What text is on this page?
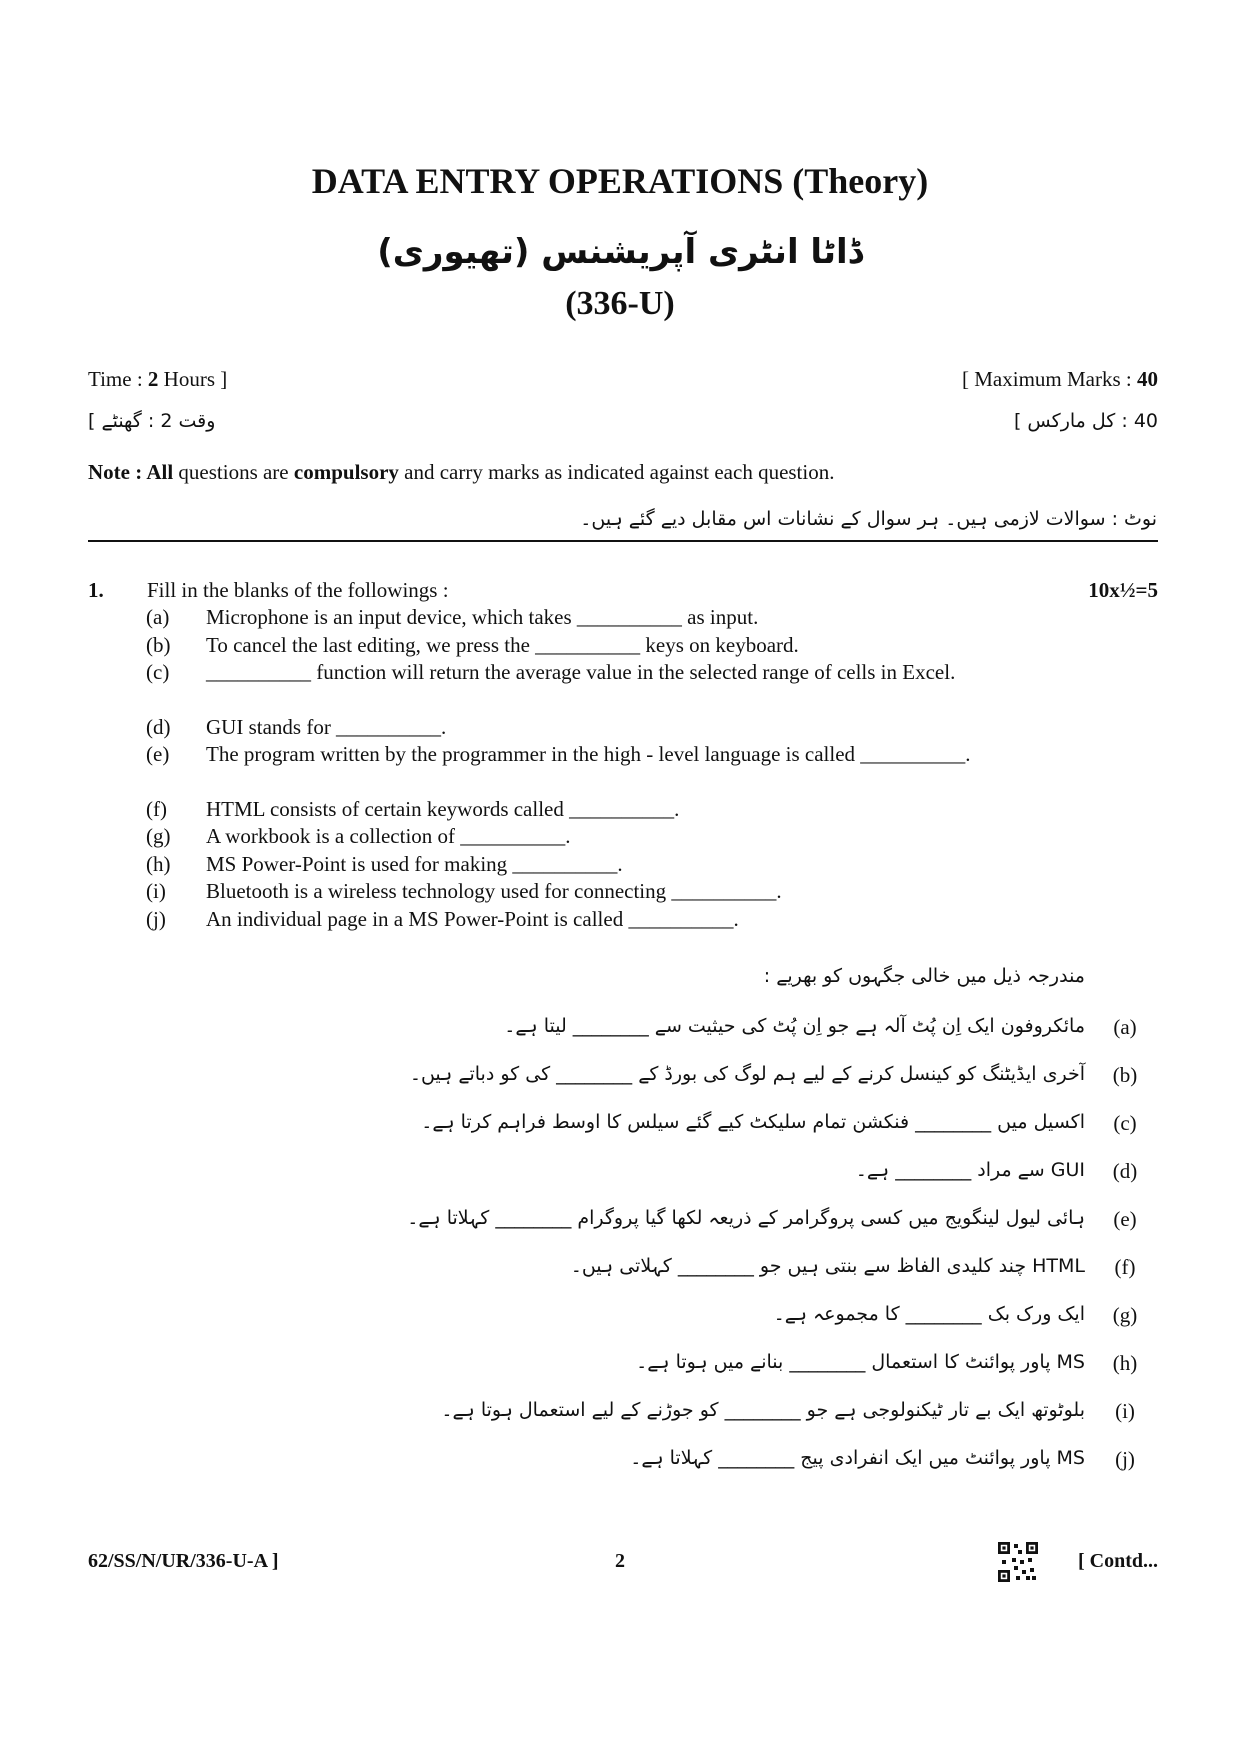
DATA ENTRY OPERATIONS (Theory)
ڈاٹا انٹری آپریشنس (تھیوری)
(336-U)
Time : 2 Hours ]	[ Maximum Marks : 40
وقت 2 : گھنٹے ]	40 : کل مارکس ]
Note : All questions are compulsory and carry marks as indicated against each question.
نوٹ : سوالات لازمی ہیں۔ ہر سوال کے نشانات اس مقابل دیے گئے ہیں۔
1. Fill in the blanks of the followings :	10x½=5
(a)	Microphone is an input device, which takes __________ as input.
(b)	To cancel the last editing, we press the __________ keys on keyboard.
(c)	__________ function will return the average value in the selected range of cells in Excel.
(d)	GUI stands for __________.
(e)	The program written by the programmer in the high - level language is called __________.
(f)	HTML consists of certain keywords called __________.
(g)	A workbook is a collection of __________.
(h)	MS Power-Point is used for making __________.
(i)	Bluetooth is a wireless technology used for connecting __________.
(j)	An individual page in a MS Power-Point is called __________.
مندرجہ ذیل میں خالی جگہوں کو بھریے :
(a)
مائکروفون ایک اِن پُٹ آلہ ہے جو اِن پُٹ کی حیثیت سے ________ لیتا ہے۔
(b)
آخری ایڈیٹنگ کو کینسل کرنے کے لیے ہم لوگ کی بورڈ کے ________ کی کو دباتے ہیں۔
(c)
اکسیل میں ________ فنکشن تمام سلیکٹ کیے گئے سیلس کا اوسط فراہم کرتا ہے۔
(d)
GUI سے مراد ________ ہے۔
(e)
ہائی لیول لینگویج میں کسی پروگرامر کے ذریعہ لکھا گیا پروگرام ________ کہلاتا ہے۔
(f)
HTML چند کلیدی الفاظ سے بنتی ہیں جو ________ کہلاتی ہیں۔
(g)
ایک ورک بک ________ کا مجموعہ ہے۔
(h)
MS پاور پوائنٹ کا استعمال ________ بنانے میں ہوتا ہے۔
(i)
بلوٹوتھ ایک بے تار ٹیکنولوجی ہے جو ________ کو جوڑنے کے لیے استعمال ہوتا ہے۔
(j)
MS پاور پوائنٹ میں ایک انفرادی پیج ________ کہلاتا ہے۔
62/SS/N/UR/336-U-A ]	2	[ Contd...
